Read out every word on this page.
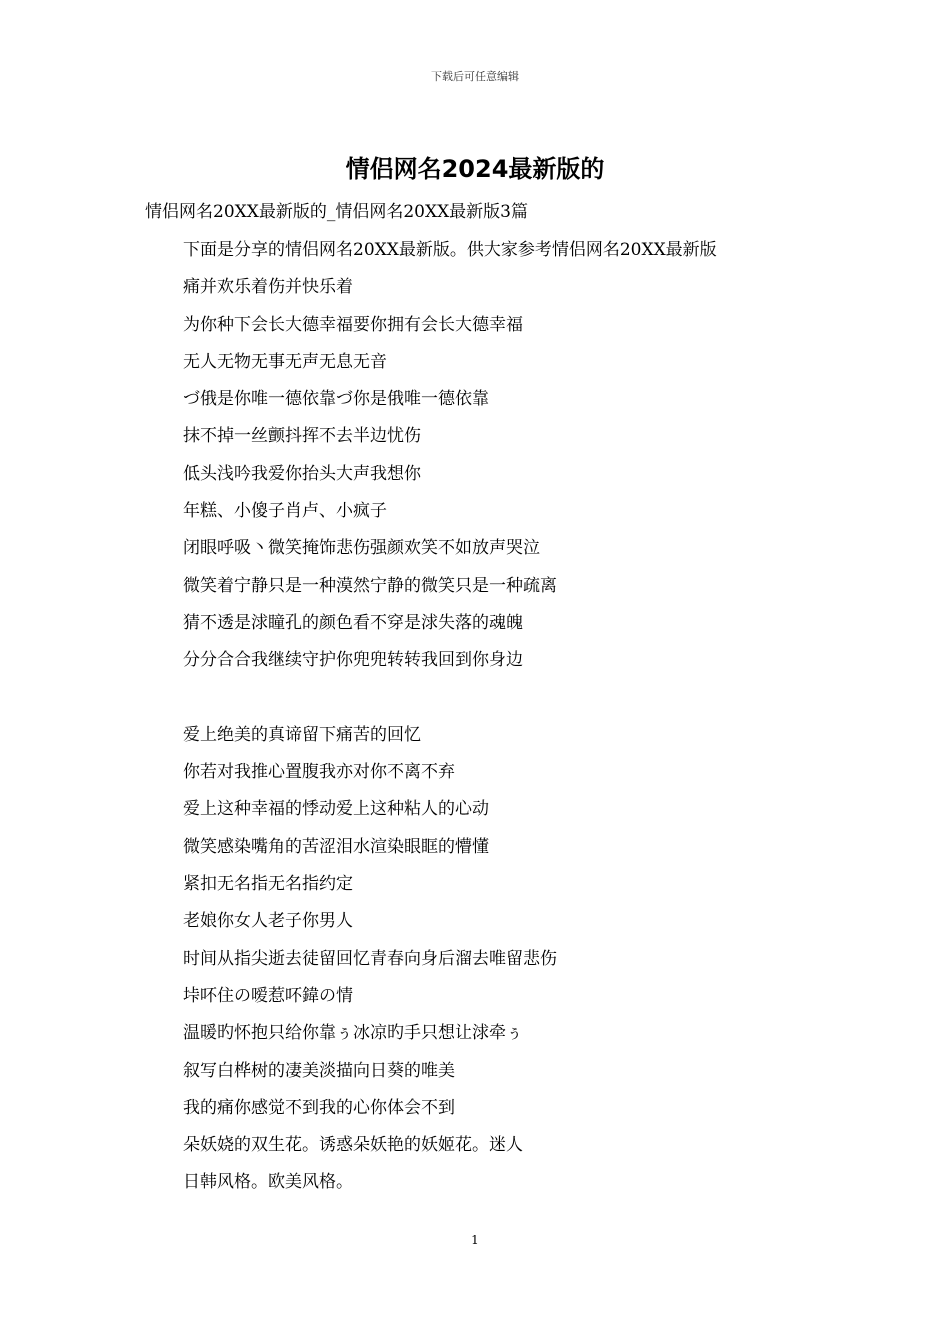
下载后可任意编辑
情侣网名2024最新版的
情侣网名20XX最新版的_情侣网名20XX最新版3篇
下面是分享的情侣网名20XX最新版。供大家参考情侣网名20XX最新版
痛并欢乐着伤并快乐着
为你种下会长大德幸福要你拥有会长大德幸福
无人无物无事无声无息无音
づ俄是你唯一德依靠づ你是俄唯一德依靠
抹不掉一丝颤抖挥不去半边忧伤
低头浅吟我爱你抬头大声我想你
年糕、小傻子肖卢、小疯子
闭眼呼吸丶微笑掩饰悲伤强颜欢笑不如放声哭泣
微笑着宁静只是一种漠然宁静的微笑只是一种疏离
猜不透是浗瞳孔的颜色看不穿是浗失落的魂魄
分分合合我继续守护你兜兜转转我回到你身边
爱上绝美的真谛留下痛苦的回忆
你若对我推心置腹我亦对你不离不弃
爱上这种幸福的悸动爱上这种粘人的心动
微笑感染嘴角的苦涩泪水渲染眼眶的懵懂
紧扣无名指无名指约定
老娘你女人老子你男人
时间从指尖逝去徒留回忆青春向身后溜去唯留悲伤
垰吥住の嗳惹吥鍏の情
温暖旳怀抱只给你靠ぅ冰凉旳手只想让浗牵ぅ
叙写白桦树的凄美淡描向日葵的唯美
我的痛你感觉不到我的心你体会不到
朵妖娆的双生花。诱惑朵妖艳的妖姬花。迷人
日韩风格。欧美风格。
1
